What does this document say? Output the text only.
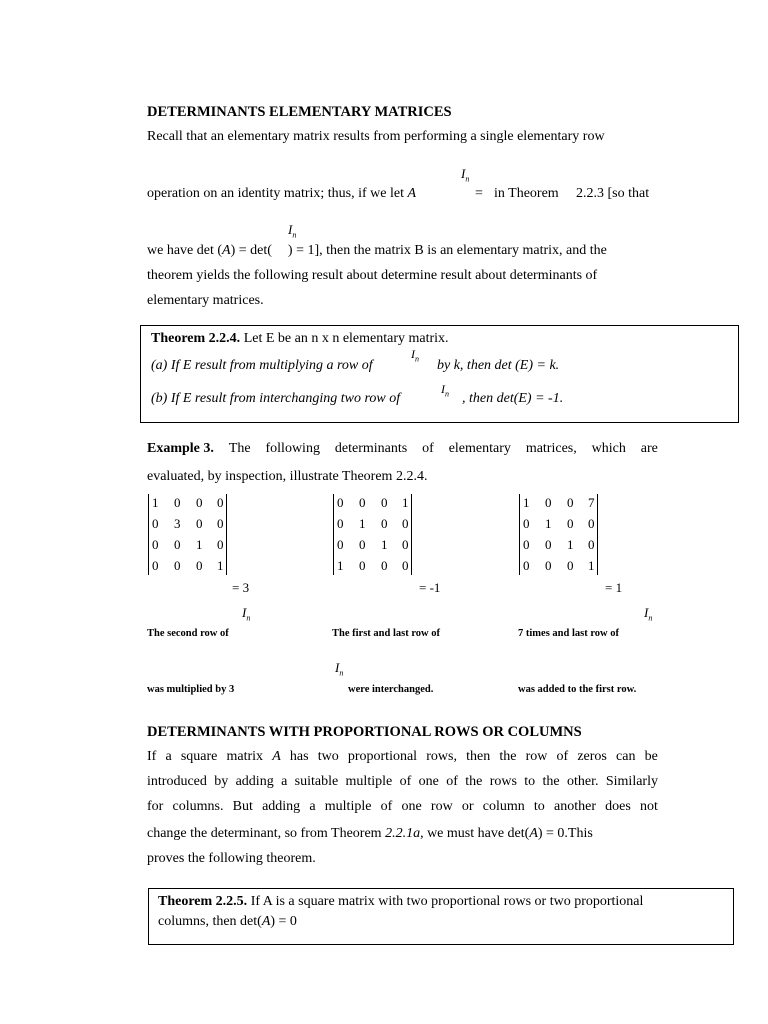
DETERMINANTS ELEMENTARY MATRICES
Recall that an elementary matrix results from performing a single elementary row
$I_n$
operation on an identity matrix; thus, if we let A	= in Theorem 2.2.3 [so that
$I_n$
we have det (A) = det( ) = 1], then the matrix B is an elementary matrix, and the
theorem yields the following result about determine result about determinants of
elementary matrices.
Theorem 2.2.4. Let E be an n x n elementary matrix.
(a) If E result from multiplying a row of
$I_n$ by k, then det (E) = k.
(b) If E result from interchanging two row of
$I_n$ , then det(E) = -1.
Example 3. The following determinants of elementary matrices, which are
evaluated, by inspection, illustrate Theorem 2.2.4.
1 0 0 0
0 3 0 0
0 0 1 0
0 0 0 1
= 3
0 0 0 1
0 1 0 0
0 0 1 0
1 0 0 0
= -1
1 0 0 7
0 1 0 0
0 0 1 0
0 0 0 1
= 1
$I_n$	$I_n$
The second row of	The first and last row of	7 times and last row of
$I_n$
was multiplied by 3	were interchanged.	was added to the first row.
DETERMINANTS WITH PROPORTIONAL ROWS OR COLUMNS
If a square matrix A has two proportional rows, then the row of zeros can be
introduced by adding a suitable multiple of one of the rows to the other. Similarly
for columns. But adding a multiple of one row or column to another does not
change the determinant, so from Theorem 2.2.1a, we must have det(A) = 0.This
proves the following theorem.
Theorem 2.2.5. If A is a square matrix with two proportional rows or two proportional
columns, then det(A) = 0
